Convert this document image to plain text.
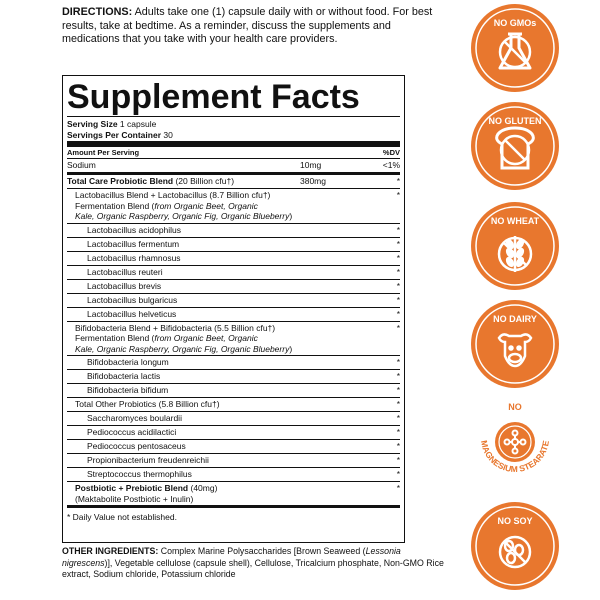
DIRECTIONS: Adults take one (1) capsule daily with or without food. For best results, take at bedtime. As a reminder, discuss the supplements and medications that you take with your health care providers.
Supplement Facts
Serving Size 1 capsule
Servings Per Container 30
Amount Per Serving	%DV
Sodium	10mg	<1%
Total Care Probiotic Blend (20 Billion cfu†)	380mg	*
Lactobacillus Blend + Lactobacillus (8.7 Billion cfu†)
Fermentation Blend (from Organic Beet, Organic
Kale, Organic Raspberry, Organic Fig, Organic Blueberry)
*
Lactobacillus acidophilus	*
Lactobacillus fermentum	*
Lactobacillus rhamnosus	*
Lactobacillus reuteri	*
Lactobacillus brevis	*
Lactobacillus bulgaricus	*
Lactobacillus helveticus	*
Bifidobacteria Blend + Bifidobacteria (5.5 Billion cfu†)
Fermentation Blend (from Organic Beet, Organic
Kale, Organic Raspberry, Organic Fig, Organic Blueberry)
*
Bifidobacteria longum	*
Bifidobacteria lactis	*
Bifidobacteria bifidum	*
Total Other Probiotics (5.8 Billion cfu†)	*
Saccharomyces boulardii	*
Pediococcus acidilactici	*
Pediococcus pentosaceus	*
Propionibacterium freudenreichii	*
Streptococcus thermophilus	*
Postbiotic + Prebiotic Blend (40mg)
(Maktabolite Postbiotic + Inulin)
*
* Daily Value not established.
OTHER INGREDIENTS: Complex Marine Polysaccharides [Brown Seaweed (Lessonia nigrescens)], Vegetable cellulose (capsule shell), Cellulose, Tricalcium phosphate, Non-GMO Rice extract, Sodium chloride, Potassium chloride
NO GMOs
NO GLUTEN
NO WHEAT
NO DAIRY
NO
MAGNESIUM STEARATE
NO SOY
